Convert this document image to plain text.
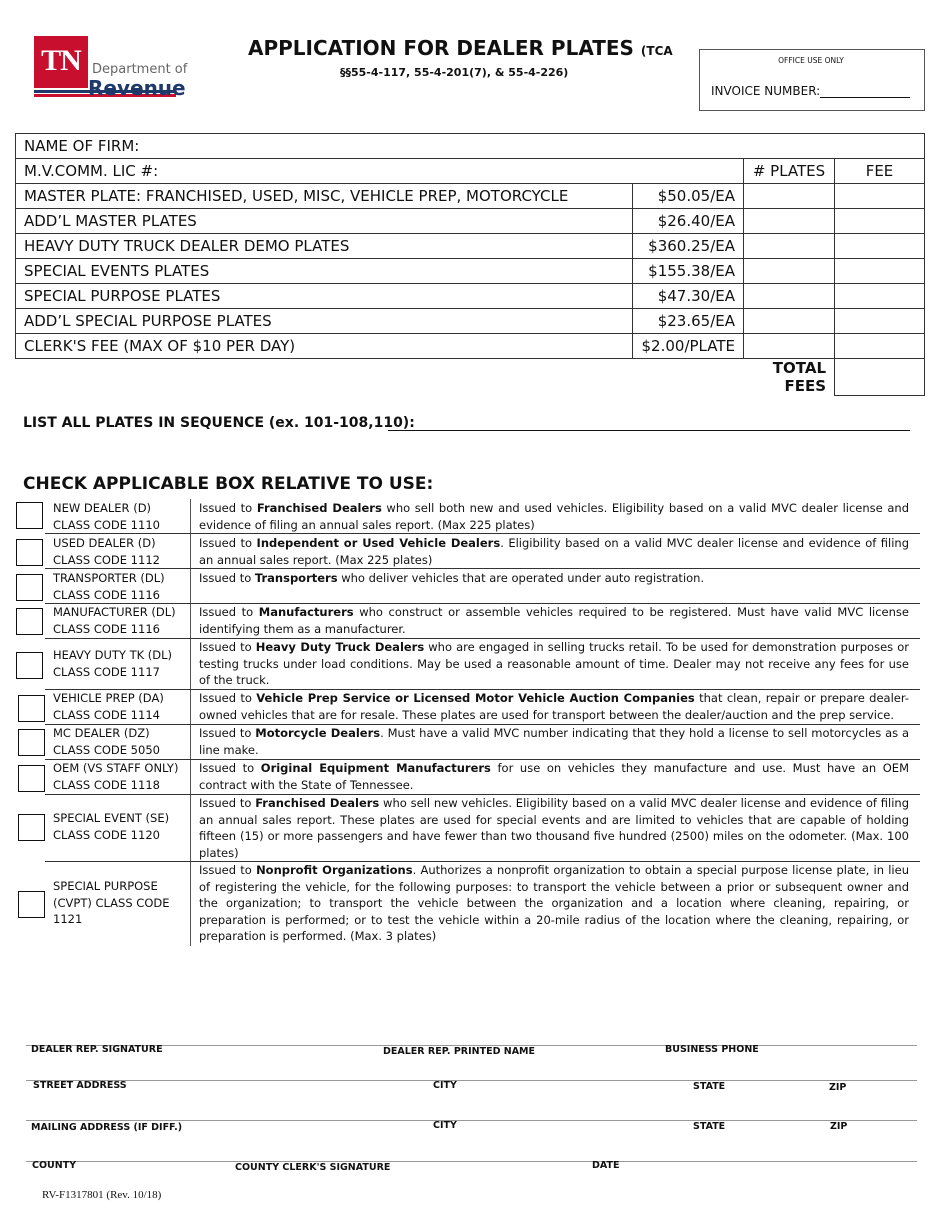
TN Department of
Revenue
APPLICATION FOR DEALER PLATES (TCA
§§55-4-117, 55-4-201(7), & 55-4-226)
OFFICE USE ONLY
INVOICE NUMBER:
NAME OF FIRM:			
M.V.COMM. LIC #:		# PLATES	FEE
MASTER PLATE: FRANCHISED, USED, MISC, VEHICLE PREP, MOTORCYCLE	$50.05/EA		
ADD’L MASTER PLATES	$26.40/EA		
HEAVY DUTY TRUCK DEALER DEMO PLATES	$360.25/EA		
SPECIAL EVENTS PLATES	$155.38/EA		
SPECIAL PURPOSE PLATES	$47.30/EA		
ADD’L SPECIAL PURPOSE PLATES	$23.65/EA		
CLERK'S FEE (MAX OF $10 PER DAY)	$2.00/PLATE		
		TOTAL FEES	
LIST ALL PLATES IN SEQUENCE (ex. 101-108,110):
CHECK APPLICABLE BOX RELATIVE TO USE:
NEW DEALER (D)
CLASS CODE 1110
Issued to Franchised Dealers who sell both new and used vehicles. Eligibility based on a valid MVC dealer license and evidence of filing an annual sales report. (Max 225 plates)
USED DEALER (D)
CLASS CODE 1112
Issued to Independent or Used Vehicle Dealers. Eligibility based on a valid MVC dealer license and evidence of filing an annual sales report. (Max 225 plates)
TRANSPORTER (DL)
CLASS CODE 1116
Issued to Transporters who deliver vehicles that are operated under auto registration.
MANUFACTURER (DL)
CLASS CODE 1116
Issued to Manufacturers who construct or assemble vehicles required to be registered. Must have valid MVC license identifying them as a manufacturer.
HEAVY DUTY TK (DL)
CLASS CODE 1117
Issued to Heavy Duty Truck Dealers who are engaged in selling trucks retail. To be used for demonstration purposes or testing trucks under load conditions. May be used a reasonable amount of time. Dealer may not receive any fees for use of the truck.
VEHICLE PREP (DA)
CLASS CODE 1114
Issued to Vehicle Prep Service or Licensed Motor Vehicle Auction Companies that clean, repair or prepare dealer-owned vehicles that are for resale. These plates are used for transport between the dealer/auction and the prep service.
MC DEALER (DZ)
CLASS CODE 5050
Issued to Motorcycle Dealers. Must have a valid MVC number indicating that they hold a license to sell motorcycles as a line make.
OEM (VS STAFF ONLY)
CLASS CODE 1118
Issued to Original Equipment Manufacturers for use on vehicles they manufacture and use. Must have an OEM contract with the State of Tennessee.
SPECIAL EVENT (SE)
CLASS CODE 1120
Issued to Franchised Dealers who sell new vehicles. Eligibility based on a valid MVC dealer license and evidence of filing an annual sales report. These plates are used for special events and are limited to vehicles that are capable of holding fifteen (15) or more passengers and have fewer than two thousand five hundred (2500) miles on the odometer. (Max. 100 plates)
SPECIAL PURPOSE
(CVPT) CLASS CODE
1121
Issued to Nonprofit Organizations. Authorizes a nonprofit organization to obtain a special purpose license plate, in lieu of registering the vehicle, for the following purposes: to transport the vehicle between a prior or subsequent owner and the organization; to transport the vehicle between the organization and a location where cleaning, repairing, or preparation is performed; or to test the vehicle within a 20-mile radius of the location where the cleaning, repairing, or preparation is performed. (Max. 3 plates)
DEALER REP. SIGNATURE	DEALER REP. PRINTED NAME	BUSINESS PHONE
STREET ADDRESS	CITY	STATE	ZIP
MAILING ADDRESS (IF DIFF.)	CITY	STATE	ZIP
COUNTY	COUNTY CLERK'S SIGNATURE	DATE
RV-F1317801 (Rev. 10/18)
